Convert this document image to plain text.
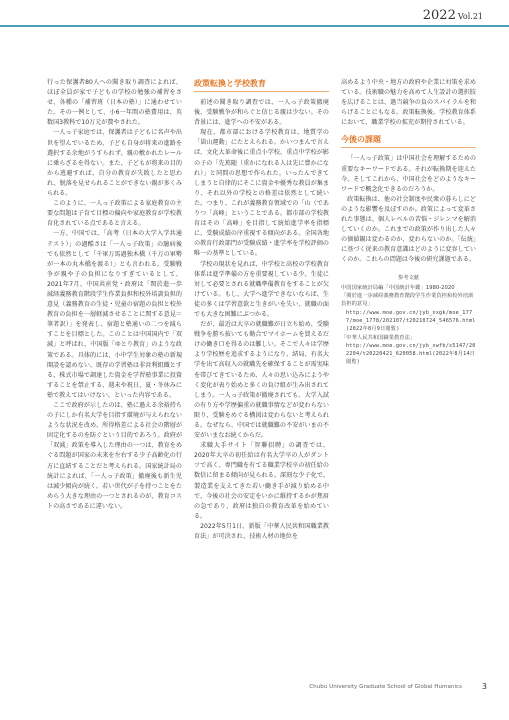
2022 Vol.21

行った保護者80人への聞き取り調査によれば、ほぼ全員が家で子どもの学校の勉強の補習をさせ、各種の「補習班（日本の塾）」に通わせていた。その一例として、小6一年間の塾費用は、英数国3教科で10万元が費やされた。

一人っ子家庭では、保護者は子どもに名声や出世を望んでいるため、子ども自身が将来の進路を選択する余地がうすられず、親の敷かれたレールに乗らざるを得ない。また、子どもが将来の目的から逃避すれば、自分の教育が失敗したと思われ、脱落を見せられることができない親が多くみられる。

このように、一人っ子政策による家庭教育の主要な問題は子育て目標の偏向や家庭教育が学校教育化されている点であると言える。

一方、中国では、「高考（日本の大学入学共通テスト）」の過酷さは「一人っ子政策」の臆病後でも依然として「千軍万馬過独木橋（千万の軍勢が一本の丸木橋を渡る）」とも言われる。受験戦争が親や子の負担になりすぎているとして、2021年7月、中国共産党・政府は「関於進一歩減経義務教育階段学生作業負担和校外培訓負担的意見（義務教育の生徒・児童の宿題の負担と校外教育の負担を一層軽減させることに関する意見＝筆者訳）」を発表し、宿題と塾通いの二つを減らすことを目標とした。このことは中国国内で「双減」と呼ばれ、中国版「ゆとり教育」のような政策である。具体的には、小中学生対象の塾の新規開設を認めない、既存の学習塾は非営利組織とする、株式市場で調達した資金を学習塾事業に投資することを禁止する、週末や祝日、夏・冬休みに塾で教えてはいけない、といった内容である。

ここで政府が示したのは、塾に過える余裕持ちの子にしか有名大学を目指す環境が与えられないような状況を改め、所得格差による社会の階層が固定化するのを防ぐという目的であろう。政府が「双減」政策を導入した理由の一つは、教育をめぐる問題が国家の未来を左右する少子高齢化の行方に直結することだと考えられる。国家統計局の統計によれば、「一人っ子政策」撤廃後も新生児は減少傾向が続く。若い世代が子を持つことをためらう大きな理由の一つとされるのが、教育コストの高さであるに違いない。

政策転換と学校教育

前述の聞き取り調査では、一人っ子政策撤廃後、受験戦争が和らぐと信じる親は少ない。その背景には、進学への不安がある。

現在、都市部における学校教育は、地質学の「崮山運動」にたとえられる。かいつまんで言えば、文化大革命後に重点小学校、重点中学校が影の子の「先篤随（重かになれる人は先に豊かになれ）」と同間の思想で作られた。いったんできてしまうと自律的にそこに資金や優秀な教員が集まり、それ以外の学校との格差は依然として続いた。つまり、これが義務教育領域での「山（でありつ「高峰」ということである。都市部の学校教育はその「高峰」を目指して統始進学率を指標に、受験成績の序重視する傾向がある。全国各地の教育行政部門が受験成績・進学率を学校評価の唯一の基準としている。

学校の現状を見れば、中学校と高校の学校教育体系は進学準備の方を重要視している少。生徒に対して必要とされる就職準備教育をすることが欠けている。もし、大学へ進学できないならば、生徒の多くは学習意欲と生きがいを失い、就職の面でも大きな困難にぶつかる。

だが、最近は大卒の就職難が日立ち始め、受験戦争を勝ち抜いても勤合でマイホームを買えるだけの働き口を得るのは難しい。そこで人々は学歴より学校歴を追求するようになり、結局、有名大学を出て高収入の就職先を確保することが需実味を帯びてきているため、人々の思い込みにようやく変化が表り始めと多くの負け組が生み出されてしまう。一人っ子政策が撤廃されても、大学入試の有り方や学歴偏重の就職事情などが変わらない限り、受験をめぐる構図は変わらないと考えられる。なぜなら、中国では就職難の不安がいまの不安がいまなお続くからだ。

求職大手サイト「智聯招聘」の調査では、2020年大卒の初任給は有名大学卒の人がダントツで高く、専門職を有てる職業学校卒の初任給の数倍に留まる傾向が見られる。深刻な少子化で、製造業を支えてきた若い働き手が減り始める中で、今後の社会の安定をいかに維持するかが焦眉の急であり、政府は独自の教育改革を始めている。

2022年5月1日、新版「中華人民共和国職業教育法」が可決され、技術人材の地位を

高めるよう中央・地方の政府や企業に対策を求めている。技術職の魅力を高めて人生設計の選択肢を広げることは、過当競争の負のスパイラルを和らげることにもなる。政策転換後、学校教育体系において、職業学校の拡充が期待されている。

今後の課題

「一人っ子政策」は中国社会を理解するための重要なキーワードである。それが転換期を迎えた今、そしてこれから、中国社会をどのようなキーワードで概念化できるのだろうか。

政策転換は、他の社会制度や民衆の暮らしにどのような影響を及ぼすのか。政策によって変革された事態は、個人レベルの苦悩・ジレンマを解消していくのか。これまでの政策が作り出した人々の価値観は変わるのか、変わらないのか。「伝統」に基づく従来の教育意識はどのように変容していくのか。これらの問題は今後の研究課題である。

参考文献
中国国家統計局編「中国統計年鑑」1980-2020
「関於進一歩減経義務教育階段学生作業負担和校外培訓負担的意見」
http://www.moe.gov.cn/jyb_xxgk/moe_1777/moe_1778/202107/t20210724_546576.html(2022年8月9日閲覧)
「中華人民共和国職業教育法」
http://www.moe.gov.cn/jyb_xwfb/s5147/202204/t20220421_620058.html(2022年8月14日閲覧)
Chubu University Graduate School of Global Humanics 3
